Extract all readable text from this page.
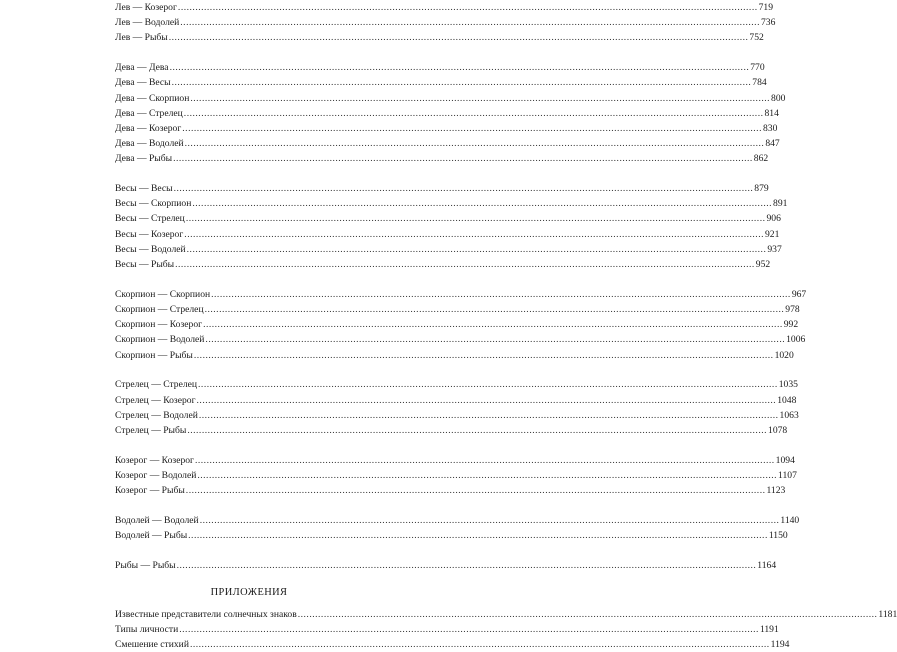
Лев — Козерог ........................................................................................................................................................................................................ 719
Лев — Водолей ........................................................................................................................................................................................................ 736
Лев — Рыбы ........................................................................................................................................................................................................ 752
Дева — Дева ........................................................................................................................................................................................................ 770
Дева — Весы ........................................................................................................................................................................................................ 784
Дева — Скорпион ........................................................................................................................................................................................................ 800
Дева — Стрелец ........................................................................................................................................................................................................ 814
Дева — Козерог ........................................................................................................................................................................................................ 830
Дева — Водолей ........................................................................................................................................................................................................ 847
Дева — Рыбы ........................................................................................................................................................................................................ 862
Весы — Весы ........................................................................................................................................................................................................ 879
Весы — Скорпион ........................................................................................................................................................................................................ 891
Весы — Стрелец ........................................................................................................................................................................................................ 906
Весы — Козерог ........................................................................................................................................................................................................ 921
Весы — Водолей ........................................................................................................................................................................................................ 937
Весы — Рыбы ........................................................................................................................................................................................................ 952
Скорпион — Скорпион ........................................................................................................................................................................................................ 967
Скорпион — Стрелец ........................................................................................................................................................................................................ 978
Скорпион — Козерог ........................................................................................................................................................................................................ 992
Скорпион — Водолей ........................................................................................................................................................................................................ 1006
Скорпион — Рыбы ........................................................................................................................................................................................................ 1020
Стрелец — Стрелец ........................................................................................................................................................................................................ 1035
Стрелец — Козерог ........................................................................................................................................................................................................ 1048
Стрелец — Водолей ........................................................................................................................................................................................................ 1063
Стрелец — Рыбы ........................................................................................................................................................................................................ 1078
Козерог — Козерог ........................................................................................................................................................................................................ 1094
Козерог — Водолей ........................................................................................................................................................................................................ 1107
Козерог — Рыбы ........................................................................................................................................................................................................ 1123
Водолей — Водолей ........................................................................................................................................................................................................ 1140
Водолей — Рыбы ........................................................................................................................................................................................................ 1150
Рыбы — Рыбы ........................................................................................................................................................................................................ 1164
ПРИЛОЖЕНИЯ
Известные представители солнечных знаков ........................................................................................................................................................................................................ 1181
Типы личности ........................................................................................................................................................................................................ 1191
Смешение стихий ........................................................................................................................................................................................................ 1194
